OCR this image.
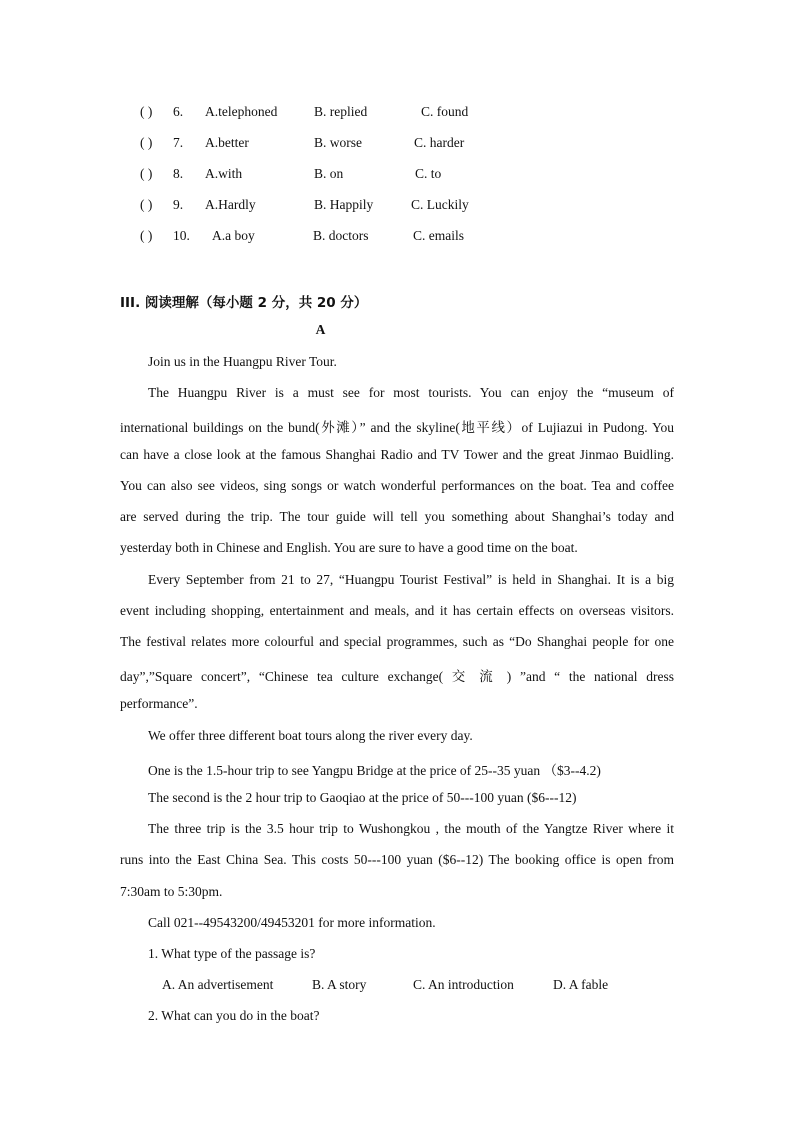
( ) 6. A.telephoned	B. replied	C. found
( ) 7. A.better	B. worse	C. harder
( ) 8. A.with	B. on	C. to
( ) 9. A.Hardly	B. Happily	C. Luckily
( ) 10. A.a boy	B. doctors	C. emails
III. 阅读理解（每小题 2 分，共 20 分）
A
Join us in the Huangpu River Tour.
The Huangpu River is a must see for most tourists. You can enjoy the “museum of
international buildings on the bund(外滩）” and the skyline(地平线）of Lujiazui in Pudong. You
can have a close look at the famous Shanghai Radio and TV Tower and the great Jinmao Buidling.
You can also see videos, sing songs or watch wonderful performances on the boat. Tea and coffee
are served during the trip. The tour guide will tell you something about Shanghai’s today and
yesterday both in Chinese and English. You are sure to have a good time on the boat.
Every September from 21 to 27, “Huangpu Tourist Festival” is held in Shanghai. It is a big
event including shopping, entertainment and meals, and it has certain effects on overseas visitors.
The festival relates more colourful and special programmes, such as “Do Shanghai people for one
day”,”Square concert”, “Chinese tea culture exchange( 交 流 ) ”and “ the national dress
performance”.
We offer three different boat tours along the river every day.
One is the 1.5-hour trip to see Yangpu Bridge at the price of 25--35 yuan （$3--4.2)
The second is the 2 hour trip to Gaoqiao at the price of 50---100 yuan ($6---12)
The three trip is the 3.5 hour trip to Wushongkou , the mouth of the Yangtze River where it
runs into the East China Sea. This costs 50---100 yuan ($6--12) The booking office is open from
7:30am to 5:30pm.
Call 021--49543200/49453201 for more information.
1. What type of the passage is?
A. An advertisement	B. A story	C. An introduction	D. A fable
2. What can you do in the boat?
